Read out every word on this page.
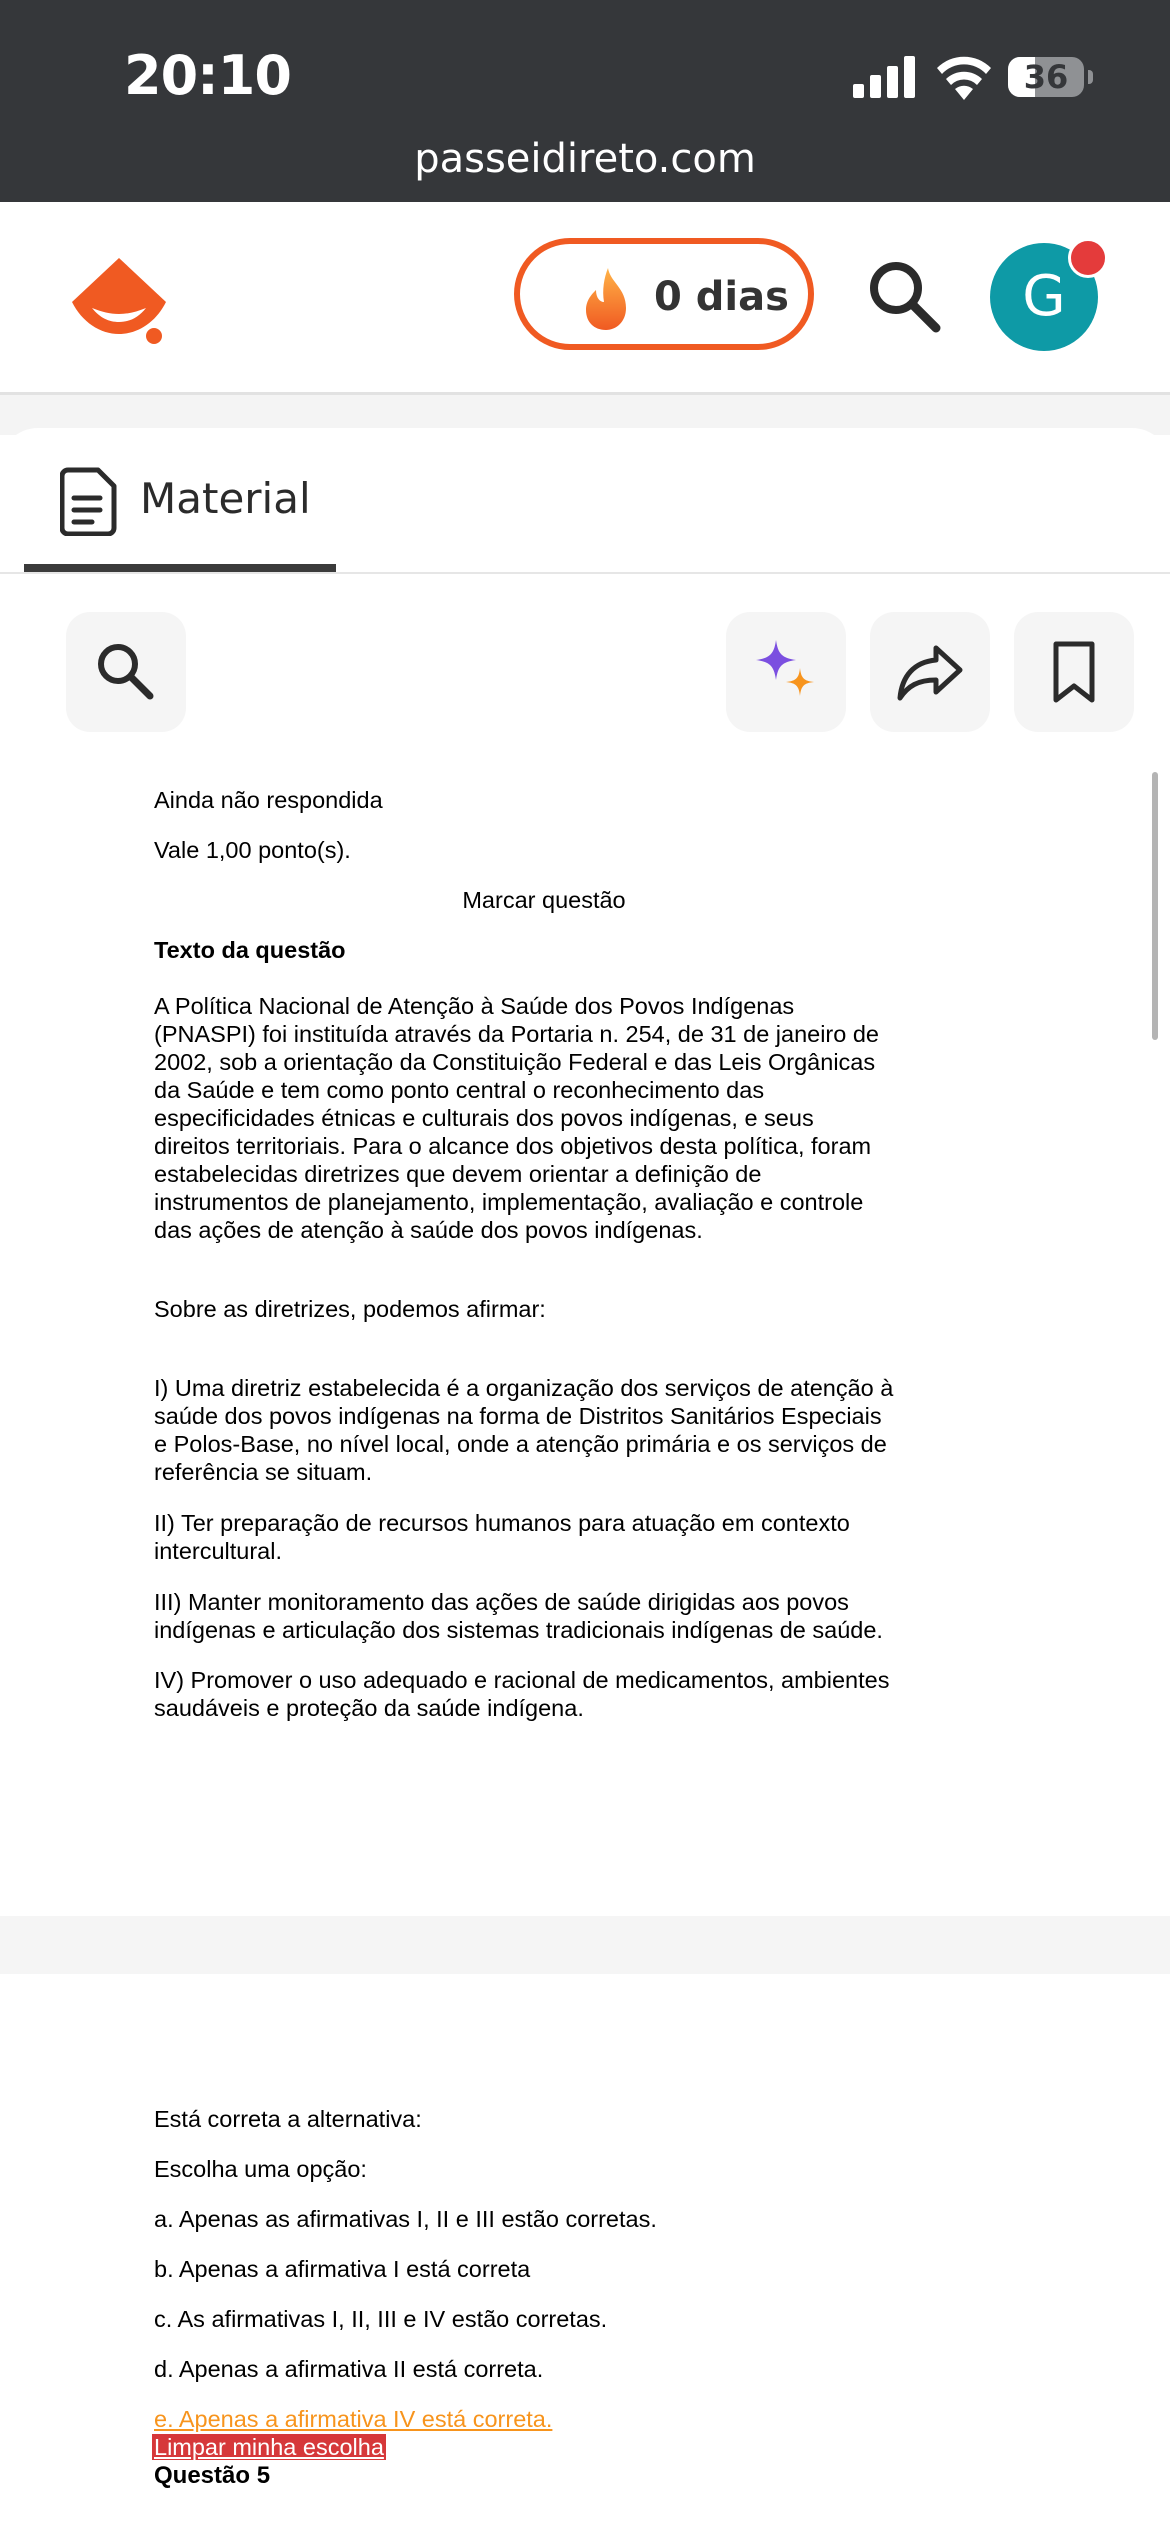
20:10	36
passeidireto.com
0 dias	G
Material
Ainda não respondida
Vale 1,00 ponto(s).
Marcar questão
Texto da questão

A Política Nacional de Atenção à Saúde dos Povos Indígenas

(PNASPI) foi instituída através da Portaria n. 254, de 31 de janeiro de

2002, sob a orientação da Constituição Federal e das Leis Orgânicas

da Saúde e tem como ponto central o reconhecimento das

especificidades étnicas e culturais dos povos indígenas, e seus

direitos territoriais. Para o alcance dos objetivos desta política, foram

estabelecidas diretrizes que devem orientar a definição de

instrumentos de planejamento, implementação, avaliação e controle

das ações de atenção à saúde dos povos indígenas.

Sobre as diretrizes, podemos afirmar:

I) Uma diretriz estabelecida é a organização dos serviços de atenção à

saúde dos povos indígenas na forma de Distritos Sanitários Especiais

e Polos-Base, no nível local, onde a atenção primária e os serviços de

referência se situam.

II) Ter preparação de recursos humanos para atuação em contexto

intercultural.

III) Manter monitoramento das ações de saúde dirigidas aos povos

indígenas e articulação dos sistemas tradicionais indígenas de saúde.

IV) Promover o uso adequado e racional de medicamentos, ambientes

saudáveis e proteção da saúde indígena.

Está correta a alternativa:
Escolha uma opção:
a. Apenas as afirmativas I, II e III estão corretas.
b. Apenas a afirmativa I está correta
c. As afirmativas I, II, III e IV estão corretas.
d. Apenas a afirmativa II está correta.
e. Apenas a afirmativa IV está correta.
Limpar minha escolha
Questão 5
